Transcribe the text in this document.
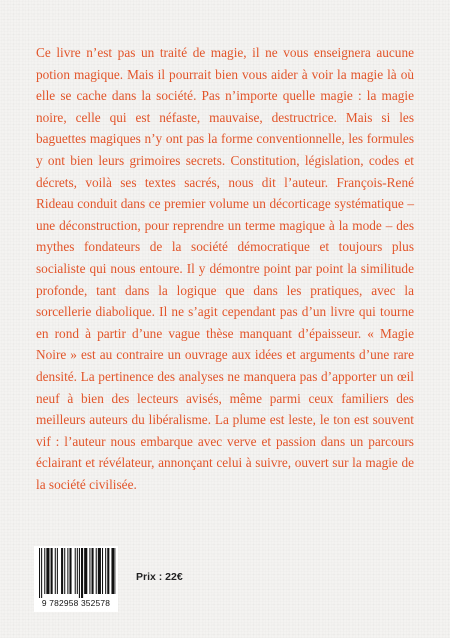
Ce livre n’est pas un traité de magie, il ne vous enseignera aucune potion magique. Mais il pourrait bien vous aider à voir la magie là où elle se cache dans la société. Pas n’importe quelle magie : la magie noire, celle qui est néfaste, mauvaise, destructrice. Mais si les baguettes magiques n’y ont pas la forme conventionnelle, les formules y ont bien leurs grimoires secrets. Constitution, législation, codes et décrets, voilà ses textes sacrés, nous dit l’auteur. François-René Rideau conduit dans ce premier volume un décorticage systématique – une déconstruction, pour reprendre un terme magique à la mode – des mythes fondateurs de la société démocratique et toujours plus socialiste qui nous entoure. Il y démontre point par point la similitude profonde, tant dans la logique que dans les pratiques, avec la sorcellerie diabolique. Il ne s’agit cependant pas d’un livre qui tourne en rond à partir d’une vague thèse manquant d’épaisseur. « Magie Noire » est au contraire un ouvrage aux idées et arguments d’une rare densité. La pertinence des analyses ne manquera pas d’apporter un œil neuf à bien des lecteurs avisés, même parmi ceux familiers des meilleurs auteurs du libéralisme. La plume est leste, le ton est souvent vif : l’auteur nous embarque avec verve et passion dans un parcours éclairant et révélateur, annonçant celui à suivre, ouvert sur la magie de la société civilisée.

9 782958 352578
Prix : 22€
